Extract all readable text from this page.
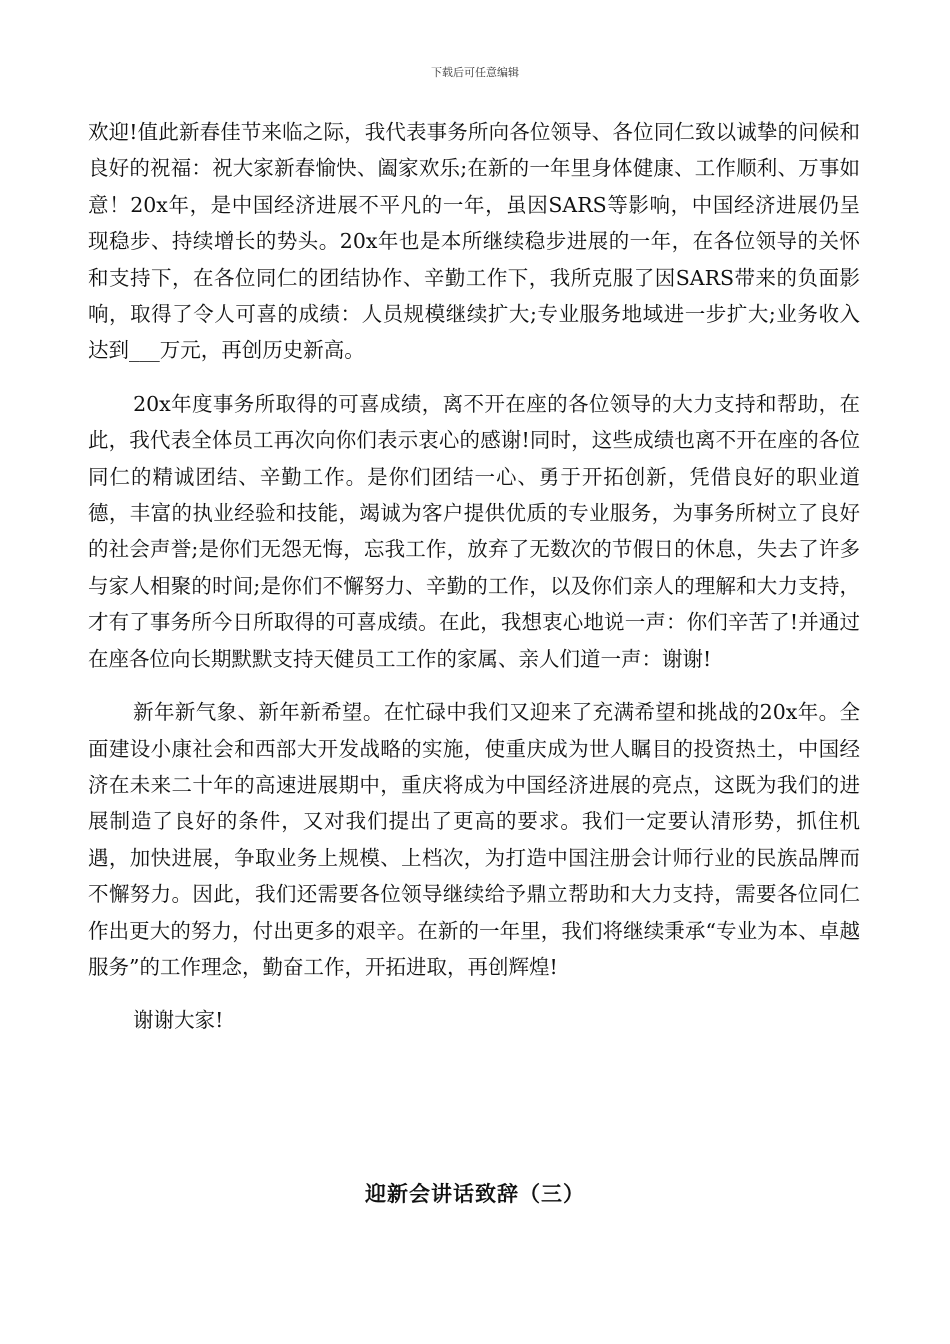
下载后可任意编辑

欢迎!值此新春佳节来临之际，我代表事务所向各位领导、各位同仁致以诚挚的问候和良好的祝福：祝大家新春愉快、阖家欢乐;在新的一年里身体健康、工作顺利、万事如意！20x年，是中国经济进展不平凡的一年，虽因SARS等影响，中国经济进展仍呈现稳步、持续增长的势头。20x年也是本所继续稳步进展的一年，在各位领导的关怀和支持下，在各位同仁的团结协作、辛勤工作下，我所克服了因SARS带来的负面影响，取得了令人可喜的成绩：人员规模继续扩大;专业服务地域进一步扩大;业务收入达到___万元，再创历史新高。

20x年度事务所取得的可喜成绩，离不开在座的各位领导的大力支持和帮助，在此，我代表全体员工再次向你们表示衷心的感谢!同时，这些成绩也离不开在座的各位同仁的精诚团结、辛勤工作。是你们团结一心、勇于开拓创新，凭借良好的职业道德，丰富的执业经验和技能，竭诚为客户提供优质的专业服务，为事务所树立了良好的社会声誉;是你们无怨无悔，忘我工作，放弃了无数次的节假日的休息，失去了许多与家人相聚的时间;是你们不懈努力、辛勤的工作，以及你们亲人的理解和大力支持，才有了事务所今日所取得的可喜成绩。在此，我想衷心地说一声：你们辛苦了!并通过在座各位向长期默默支持天健员工工作的家属、亲人们道一声：谢谢!

新年新气象、新年新希望。在忙碌中我们又迎来了充满希望和挑战的20x年。全面建设小康社会和西部大开发战略的实施，使重庆成为世人瞩目的投资热土，中国经济在未来二十年的高速进展期中，重庆将成为中国经济进展的亮点，这既为我们的进展制造了良好的条件，又对我们提出了更高的要求。我们一定要认清形势，抓住机遇，加快进展，争取业务上规模、上档次，为打造中国注册会计师行业的民族品牌而不懈努力。因此，我们还需要各位领导继续给予鼎立帮助和大力支持，需要各位同仁作出更大的努力，付出更多的艰辛。在新的一年里，我们将继续秉承“专业为本、卓越服务”的工作理念，勤奋工作，开拓进取，再创辉煌!

谢谢大家!

迎新会讲话致辞（三）
